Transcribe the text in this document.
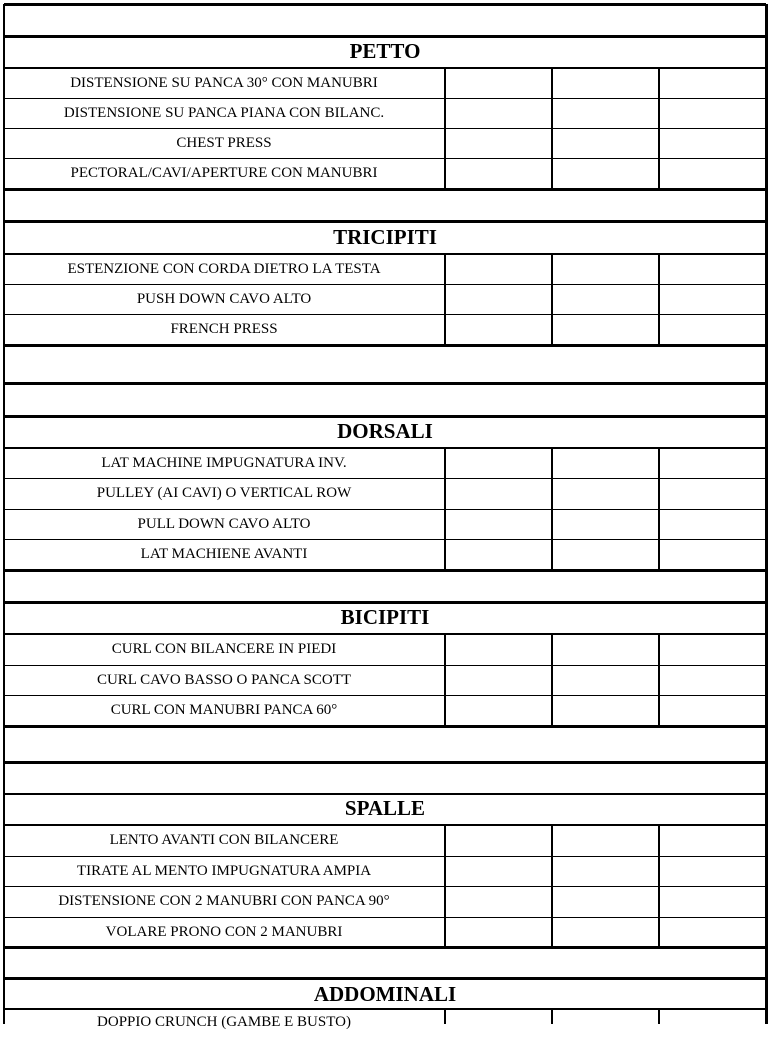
PETTO
DISTENSIONE SU PANCA 30° CON MANUBRI
DISTENSIONE SU PANCA PIANA CON BILANC.
CHEST PRESS
PECTORAL/CAVI/APERTURE CON MANUBRI
TRICIPITI
ESTENZIONE CON CORDA DIETRO LA TESTA
PUSH DOWN CAVO ALTO
FRENCH PRESS
DORSALI
LAT MACHINE IMPUGNATURA INV.
PULLEY (AI CAVI) O VERTICAL ROW
PULL DOWN CAVO ALTO
LAT MACHIENE AVANTI
BICIPITI
CURL CON BILANCERE IN PIEDI
CURL CAVO BASSO O PANCA SCOTT
CURL CON MANUBRI PANCA 60°
SPALLE
LENTO AVANTI CON BILANCERE
TIRATE AL MENTO IMPUGNATURA AMPIA
DISTENSIONE CON 2 MANUBRI CON PANCA 90°
VOLARE PRONO CON 2 MANUBRI
ADDOMINALI
DOPPIO CRUNCH (GAMBE E BUSTO)
